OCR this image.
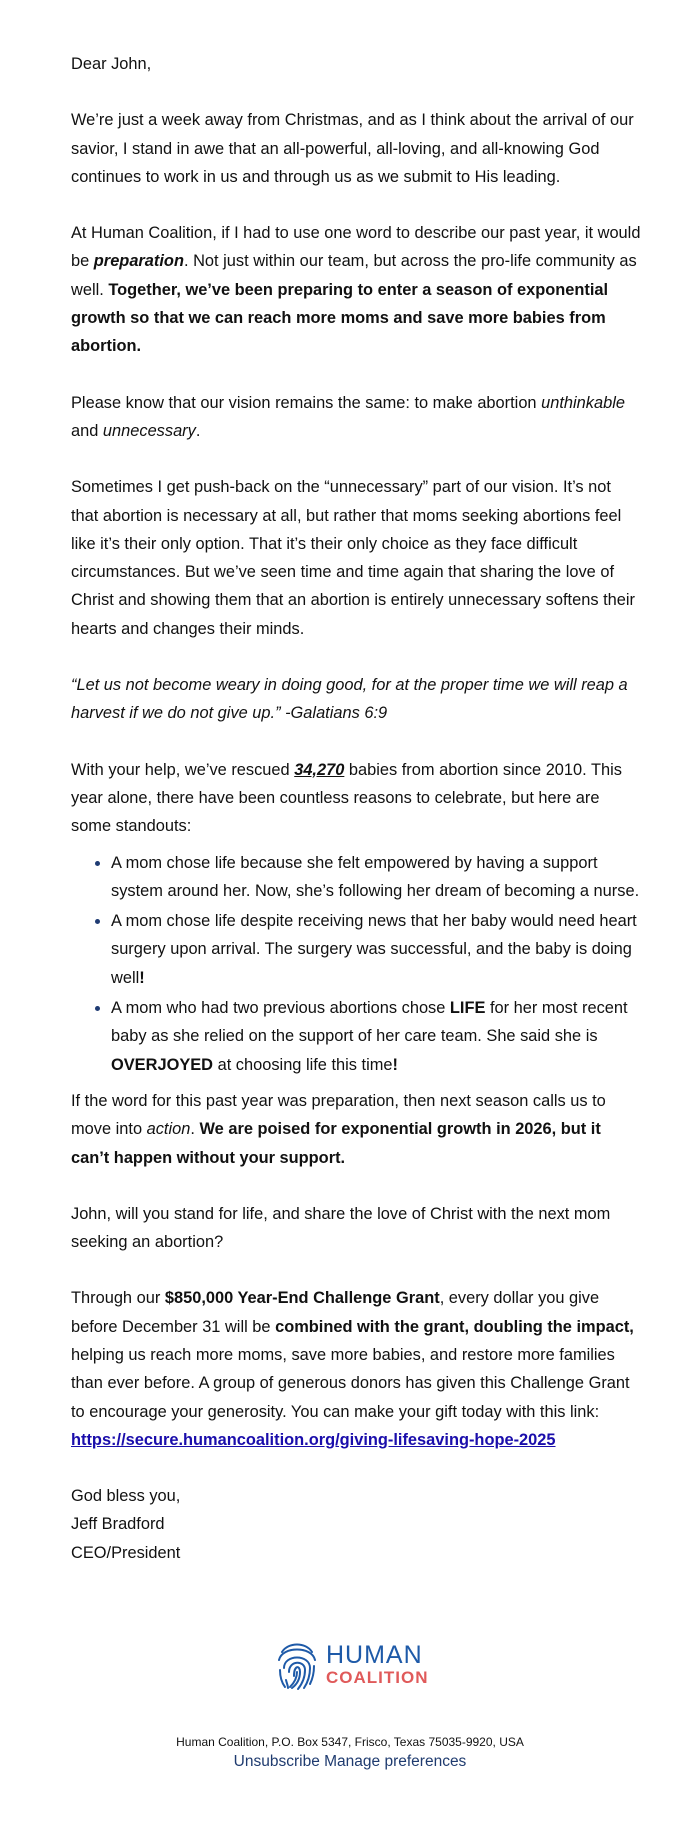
Dear John,

We’re just a week away from Christmas, and as I think about the arrival of our savior, I stand in awe that an all-powerful, all-loving, and all-knowing God continues to work in us and through us as we submit to His leading.

At Human Coalition, if I had to use one word to describe our past year, it would be preparation. Not just within our team, but across the pro-life community as well. Together, we’ve been preparing to enter a season of exponential growth so that we can reach more moms and save more babies from abortion.

Please know that our vision remains the same: to make abortion unthinkable and unnecessary.

Sometimes I get push-back on the “unnecessary” part of our vision. It’s not that abortion is necessary at all, but rather that moms seeking abortions feel like it’s their only option. That it’s their only choice as they face difficult circumstances. But we’ve seen time and time again that sharing the love of Christ and showing them that an abortion is entirely unnecessary softens their hearts and changes their minds.

“Let us not become weary in doing good, for at the proper time we will reap a harvest if we do not give up.” -Galatians 6:9

With your help, we’ve rescued 34,270 babies from abortion since 2010. This year alone, there have been countless reasons to celebrate, but here are some standouts:

• A mom chose life because she felt empowered by having a support system around her. Now, she’s following her dream of becoming a nurse.
• A mom chose life despite receiving news that her baby would need heart surgery upon arrival. The surgery was successful, and the baby is doing well!
• A mom who had two previous abortions chose LIFE for her most recent baby as she relied on the support of her care team. She said she is OVERJOYED at choosing life this time!

If the word for this past year was preparation, then next season calls us to move into action. We are poised for exponential growth in 2026, but it can’t happen without your support.

John, will you stand for life, and share the love of Christ with the next mom seeking an abortion?

Through our $850,000 Year-End Challenge Grant, every dollar you give before December 31 will be combined with the grant, doubling the impact, helping us reach more moms, save more babies, and restore more families than ever before. A group of generous donors has given this Challenge Grant to encourage your generosity. You can make your gift today with this link:
https://secure.humancoalition.org/giving-lifesaving-hope-2025

God bless you,

Jeff Bradford

CEO/President

HUMAN
COALITION
Human Coalition, P.O. Box 5347, Frisco, Texas 75035-9920, USA
Unsubscribe Manage preferences
